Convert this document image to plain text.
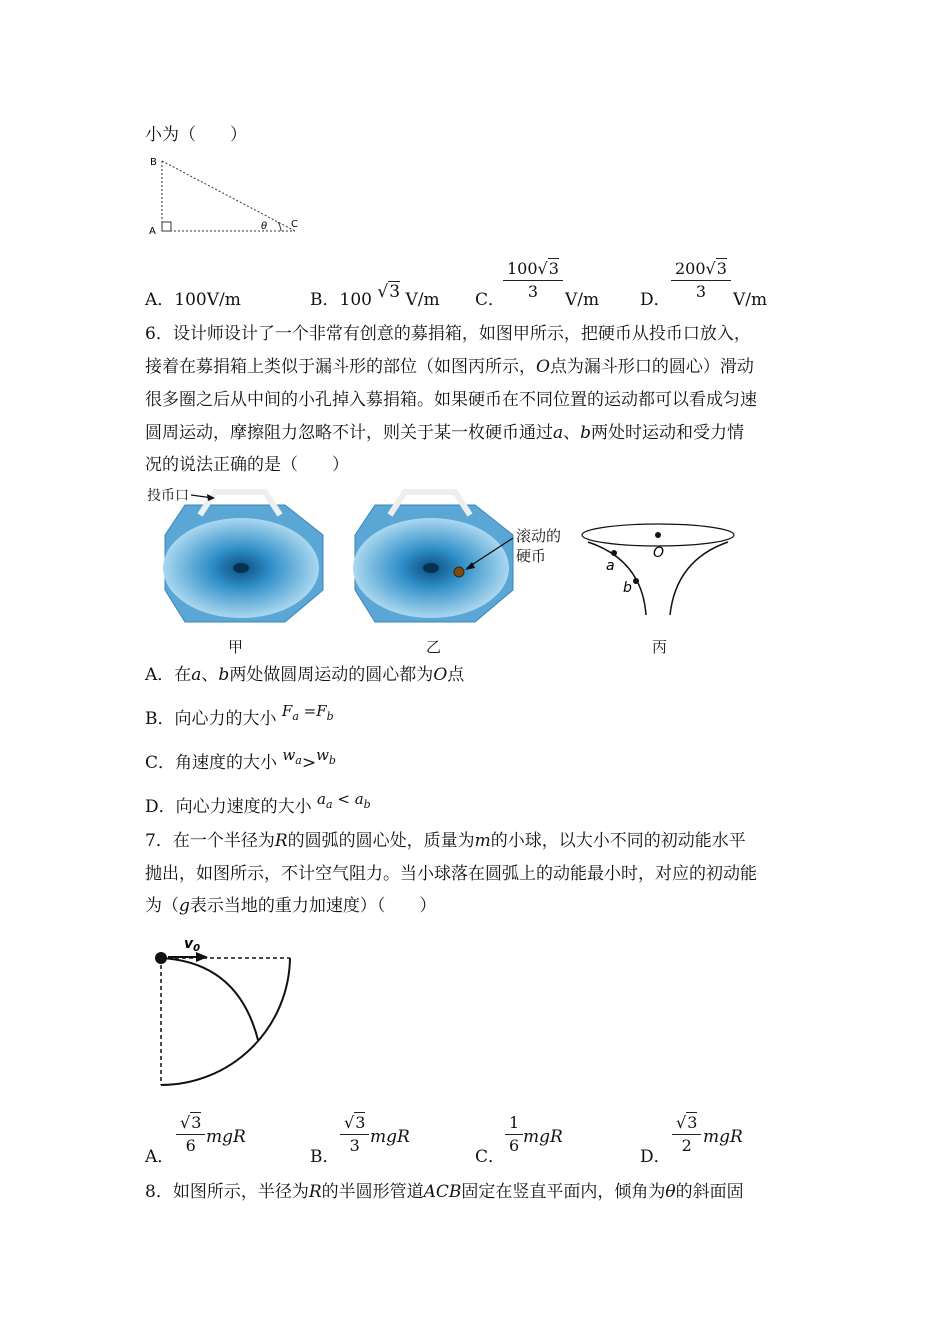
小为（　　）
B
A
C
θ
A．100V/m	B．100 √3 V/m C．
$\frac{100√3}{3} V/m$ D． $\frac{200√3}{3} V/m$
6．设计师设计了一个非常有创意的募捐箱，如图甲所示，把硬币从投币口放入，
接着在募捐箱上类似于漏斗形的部位（如图丙所示，O点为漏斗形口的圆心）滑动
很多圈之后从中间的小孔掉入募捐箱。如果硬币在不同位置的运动都可以看成匀速
圆周运动，摩擦阻力忽略不计，则关于某一枚硬币通过a、b两处时运动和受力情
况的说法正确的是（　　）
投币口
甲
滚动的
硬币
乙
O
a
b
丙
A．在a、b两处做圆周运动的圆心都为O点
B．向心力的大小 $F_a =F_b$
C．角速度的大小 $w_a>w_b$
D．向心力速度的大小 $a_a < a_b$
7．在一个半径为R的圆弧的圆心处，质量为m的小球，以大小不同的初动能水平
抛出，如图所示，不计空气阻力。当小球落在圆弧上的动能最小时，对应的初动能
为（g表示当地的重力加速度）（　　）
$v_0$
A． $\frac{√3}{6}$ mgR
B． $\frac{√3}{3}$ mgR
C． $\frac{1}{6}$ mgR
D． $\frac{√3}{2}$ mgR
8．如图所示，半径为R的半圆形管道ACB固定在竖直平面内，倾角为θ的斜面固
